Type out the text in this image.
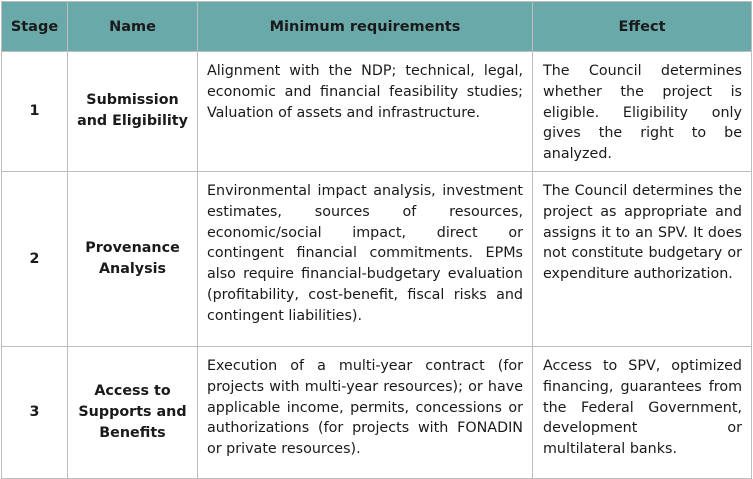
Stage	Name	Minimum requirements	Effect
1	Submission and Eligibility	Alignment with the NDP; technical, legal, economic and financial feasibility studies; Valuation of assets and infrastructure.	The Council determines whether the project is eligible. Eligibility only gives the right to be analyzed.
2	Provenance Analysis	Environmental impact analysis, investment estimates, sources of resources, economic/social impact, direct or contingent financial commitments. EPMs also require financial-budgetary evaluation (profitability, cost-benefit, fiscal risks and contingent liabilities).	The Council determines the project as appropriate and assigns it to an SPV. It does not constitute budgetary or expenditure authorization.
3	Access to Supports and Benefits	Execution of a multi-year contract (for projects with multi-year resources); or have applicable income, permits, concessions or authorizations (for projects with FONADIN or private resources).	Access to SPV, optimized financing, guarantees from the Federal Government, development or multilateral banks.
